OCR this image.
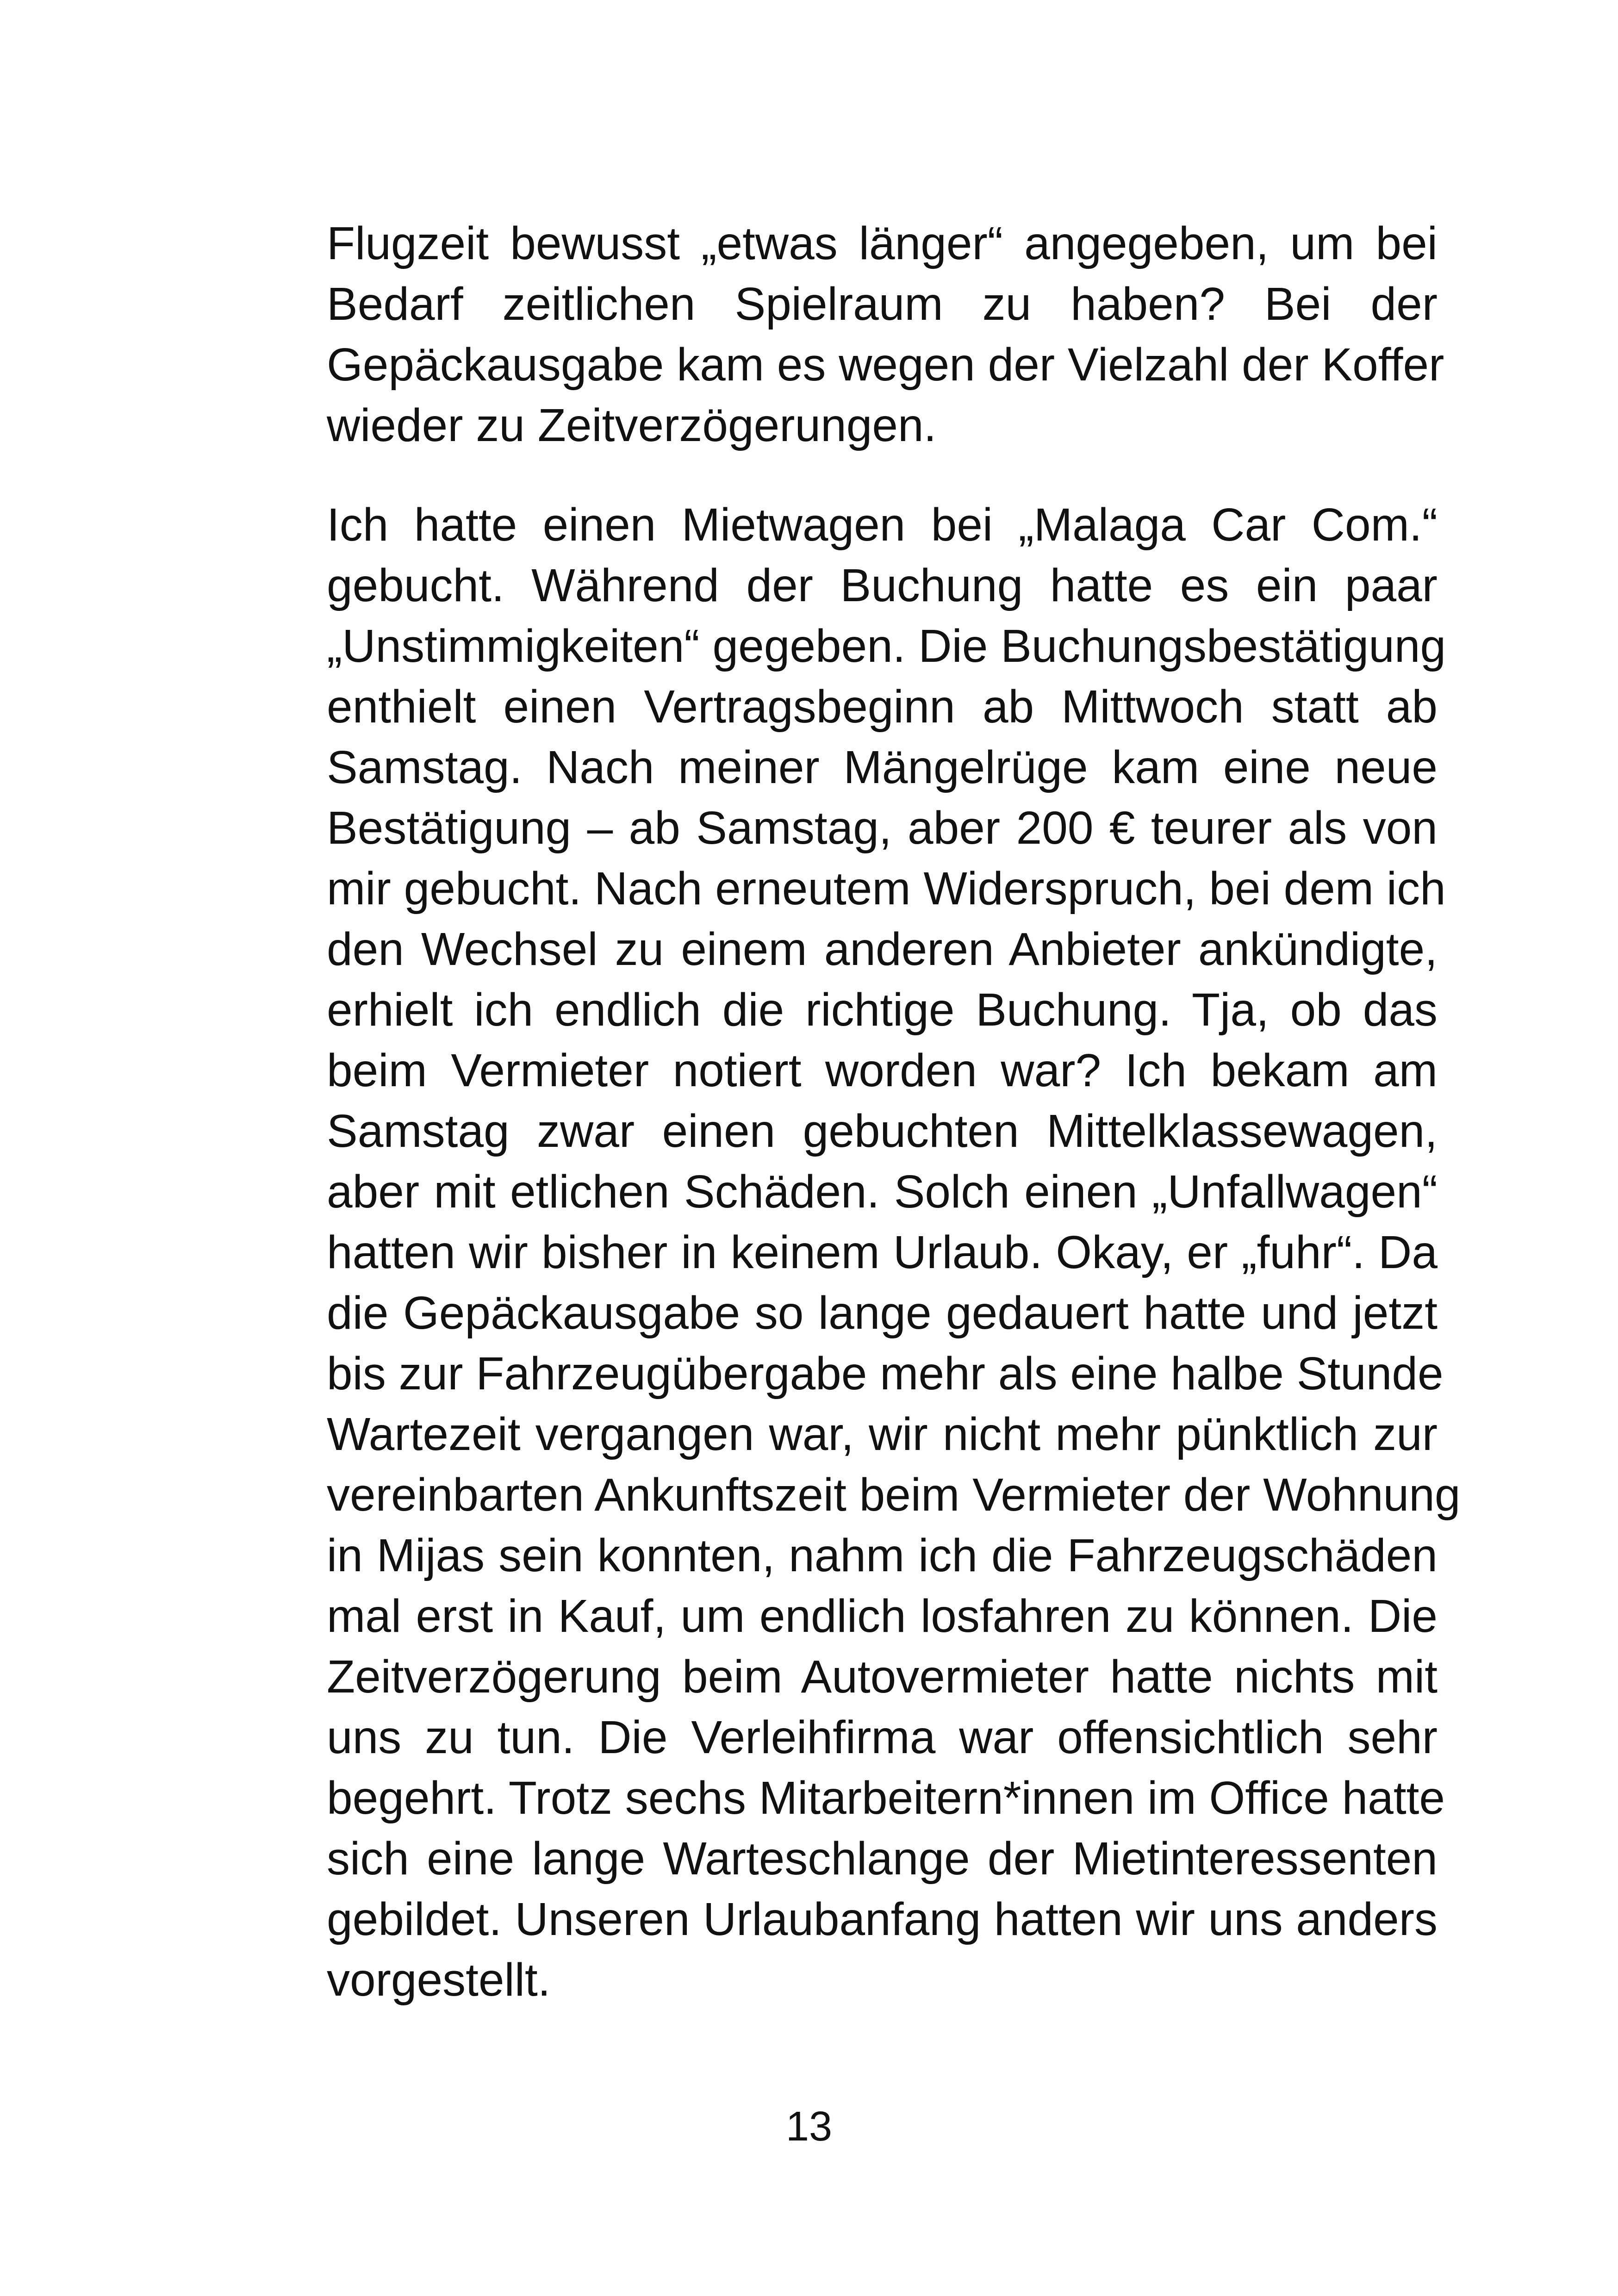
Flugzeit bewusst „etwas länger“ angegeben, um bei
Bedarf zeitlichen Spielraum zu haben? Bei der
Gepäckausgabe kam es wegen der Vielzahl der Koffer
wieder zu Zeitverzögerungen.
Ich hatte einen Mietwagen bei „Malaga Car Com.“
gebucht. Während der Buchung hatte es ein paar
„Unstimmigkeiten“ gegeben. Die Buchungsbestätigung
enthielt einen Vertragsbeginn ab Mittwoch statt ab
Samstag. Nach meiner Mängelrüge kam eine neue
Bestätigung – ab Samstag, aber 200 € teurer als von
mir gebucht. Nach erneutem Widerspruch, bei dem ich
den Wechsel zu einem anderen Anbieter ankündigte,
erhielt ich endlich die richtige Buchung. Tja, ob das
beim Vermieter notiert worden war? Ich bekam am
Samstag zwar einen gebuchten Mittelklassewagen,
aber mit etlichen Schäden. Solch einen „Unfallwagen“
hatten wir bisher in keinem Urlaub. Okay, er „fuhr“. Da
die Gepäckausgabe so lange gedauert hatte und jetzt
bis zur Fahrzeugübergabe mehr als eine halbe Stunde
Wartezeit vergangen war, wir nicht mehr pünktlich zur
vereinbarten Ankunftszeit beim Vermieter der Wohnung
in Mijas sein konnten, nahm ich die Fahrzeugschäden
mal erst in Kauf, um endlich losfahren zu können. Die
Zeitverzögerung beim Autovermieter hatte nichts mit
uns zu tun. Die Verleihfirma war offensichtlich sehr
begehrt. Trotz sechs Mitarbeitern*innen im Office hatte
sich eine lange Warteschlange der Mietinteressenten
gebildet. Unseren Urlaubanfang hatten wir uns anders
vorgestellt.
13
